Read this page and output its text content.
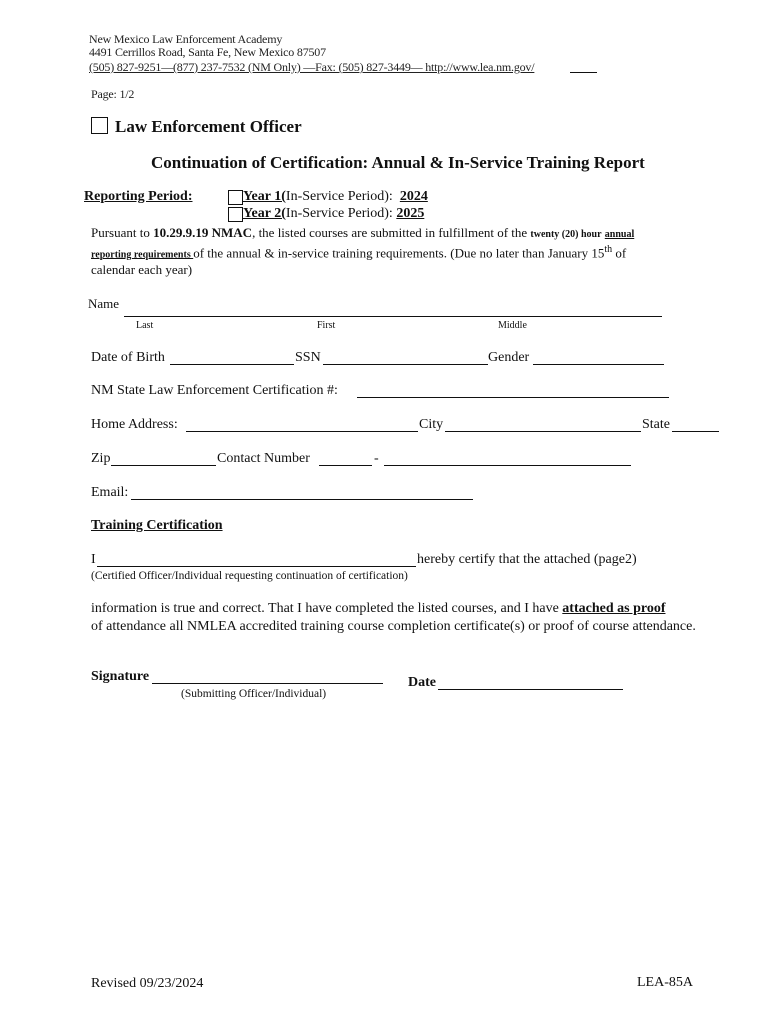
New Mexico Law Enforcement Academy
4491 Cerrillos Road, Santa Fe, New Mexico 87507
(505) 827-9251—(877) 237-7532 (NM Only) —Fax: (505) 827-3449— http://www.lea.nm.gov/
Page: 1/2
Law Enforcement Officer
Continuation of Certification: Annual & In-Service Training Report
Reporting Period:	Year 1(In-Service Period): 2024
Year 2(In-Service Period): 2025
Pursuant to 10.29.9.19 NMAC, the listed courses are submitted in fulfillment of the twenty (20) hour annual
reporting requirements of the annual & in-service training requirements. (Due no later than January 15th of
calendar each year)
Name
Last	First	Middle
Date of Birth	SSN	Gender
NM State Law Enforcement Certification #:
Home Address:	City	State
Zip	Contact Number	-
Email:
Training Certification
I	hereby certify that the attached (page2)
(Certified Officer/Individual requesting continuation of certification)
information is true and correct. That I have completed the listed courses, and I have attached as proof
of attendance all NMLEA accredited training course completion certificate(s) or proof of course attendance.
Signature
(Submitting Officer/Individual)
Date
Revised 09/23/2024	LEA-85A
